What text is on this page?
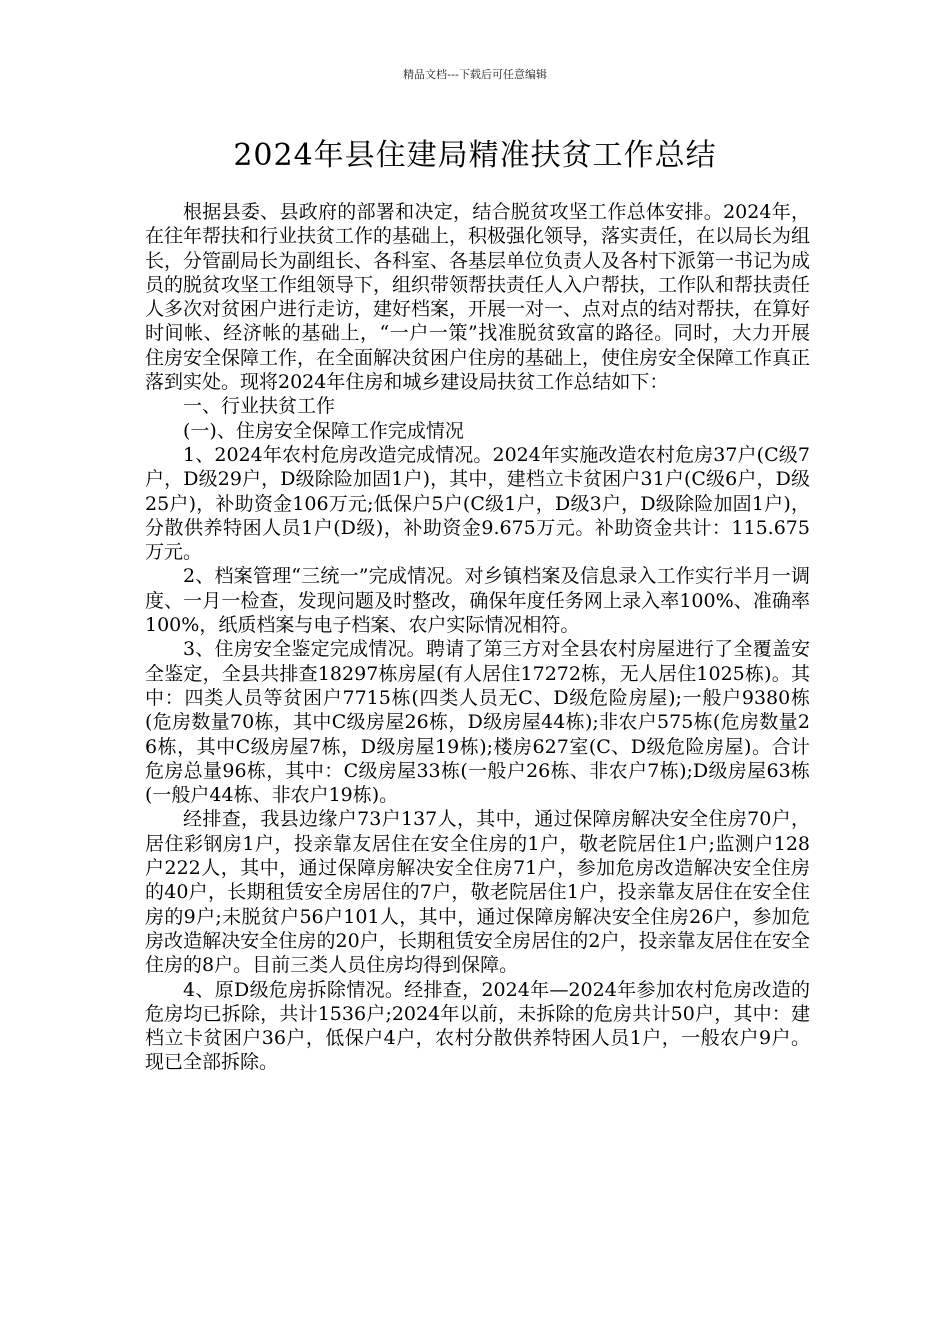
精品文档---下载后可任意编辑
2024年县住建局精准扶贫工作总结

根据县委、县政府的部署和决定，结合脱贫攻坚工作总体安排。2024年，在往年帮扶和行业扶贫工作的基础上，积极强化领导，落实责任，在以局长为组长，分管副局长为副组长、各科室、各基层单位负责人及各村下派第一书记为成员的脱贫攻坚工作组领导下，组织带领帮扶责任人入户帮扶，工作队和帮扶责任人多次对贫困户进行走访，建好档案，开展一对一、点对点的结对帮扶，在算好时间帐、经济帐的基础上，“一户一策”找准脱贫致富的路径。同时，大力开展住房安全保障工作，在全面解决贫困户住房的基础上，使住房安全保障工作真正落到实处。现将2024年住房和城乡建设局扶贫工作总结如下：

一、行业扶贫工作

(一)、住房安全保障工作完成情况

1、2024年农村危房改造完成情况。2024年实施改造农村危房37户(C级7户，D级29户，D级除险加固1户)，其中，建档立卡贫困户31户(C级6户，D级25户)，补助资金106万元;低保户5户(C级1户，D级3户，D级除险加固1户)，分散供养特困人员1户(D级)，补助资金9.675万元。补助资金共计：115.675万元。

2、档案管理“三统一”完成情况。对乡镇档案及信息录入工作实行半月一调度、一月一检查，发现问题及时整改，确保年度任务网上录入率100%、准确率100%，纸质档案与电子档案、农户实际情况相符。

3、住房安全鉴定完成情况。聘请了第三方对全县农村房屋进行了全覆盖安全鉴定，全县共排查18297栋房屋(有人居住17272栋，无人居住1025栋)。其中：四类人员等贫困户7715栋(四类人员无C、D级危险房屋);一般户9380栋(危房数量70栋，其中C级房屋26栋，D级房屋44栋);非农户575栋(危房数量26栋，其中C级房屋7栋，D级房屋19栋);楼房627室(C、D级危险房屋)。合计危房总量96栋，其中：C级房屋33栋(一般户26栋、非农户7栋);D级房屋63栋(一般户44栋、非农户19栋)。

经排查，我县边缘户73户137人，其中，通过保障房解决安全住房70户，居住彩钢房1户，投亲靠友居住在安全住房的1户，敬老院居住1户;监测户128户222人，其中，通过保障房解决安全住房71户，参加危房改造解决安全住房的40户，长期租赁安全房居住的7户，敬老院居住1户，投亲靠友居住在安全住房的9户;未脱贫户56户101人，其中，通过保障房解决安全住房26户，参加危房改造解决安全住房的20户，长期租赁安全房居住的2户，投亲靠友居住在安全住房的8户。目前三类人员住房均得到保障。

4、原D级危房拆除情况。经排查，2024年—2024年参加农村危房改造的危房均已拆除，共计1536户;2024年以前，未拆除的危房共计50户，其中：建档立卡贫困户36户，低保户4户，农村分散供养特困人员1户，一般农户9户。现已全部拆除。
